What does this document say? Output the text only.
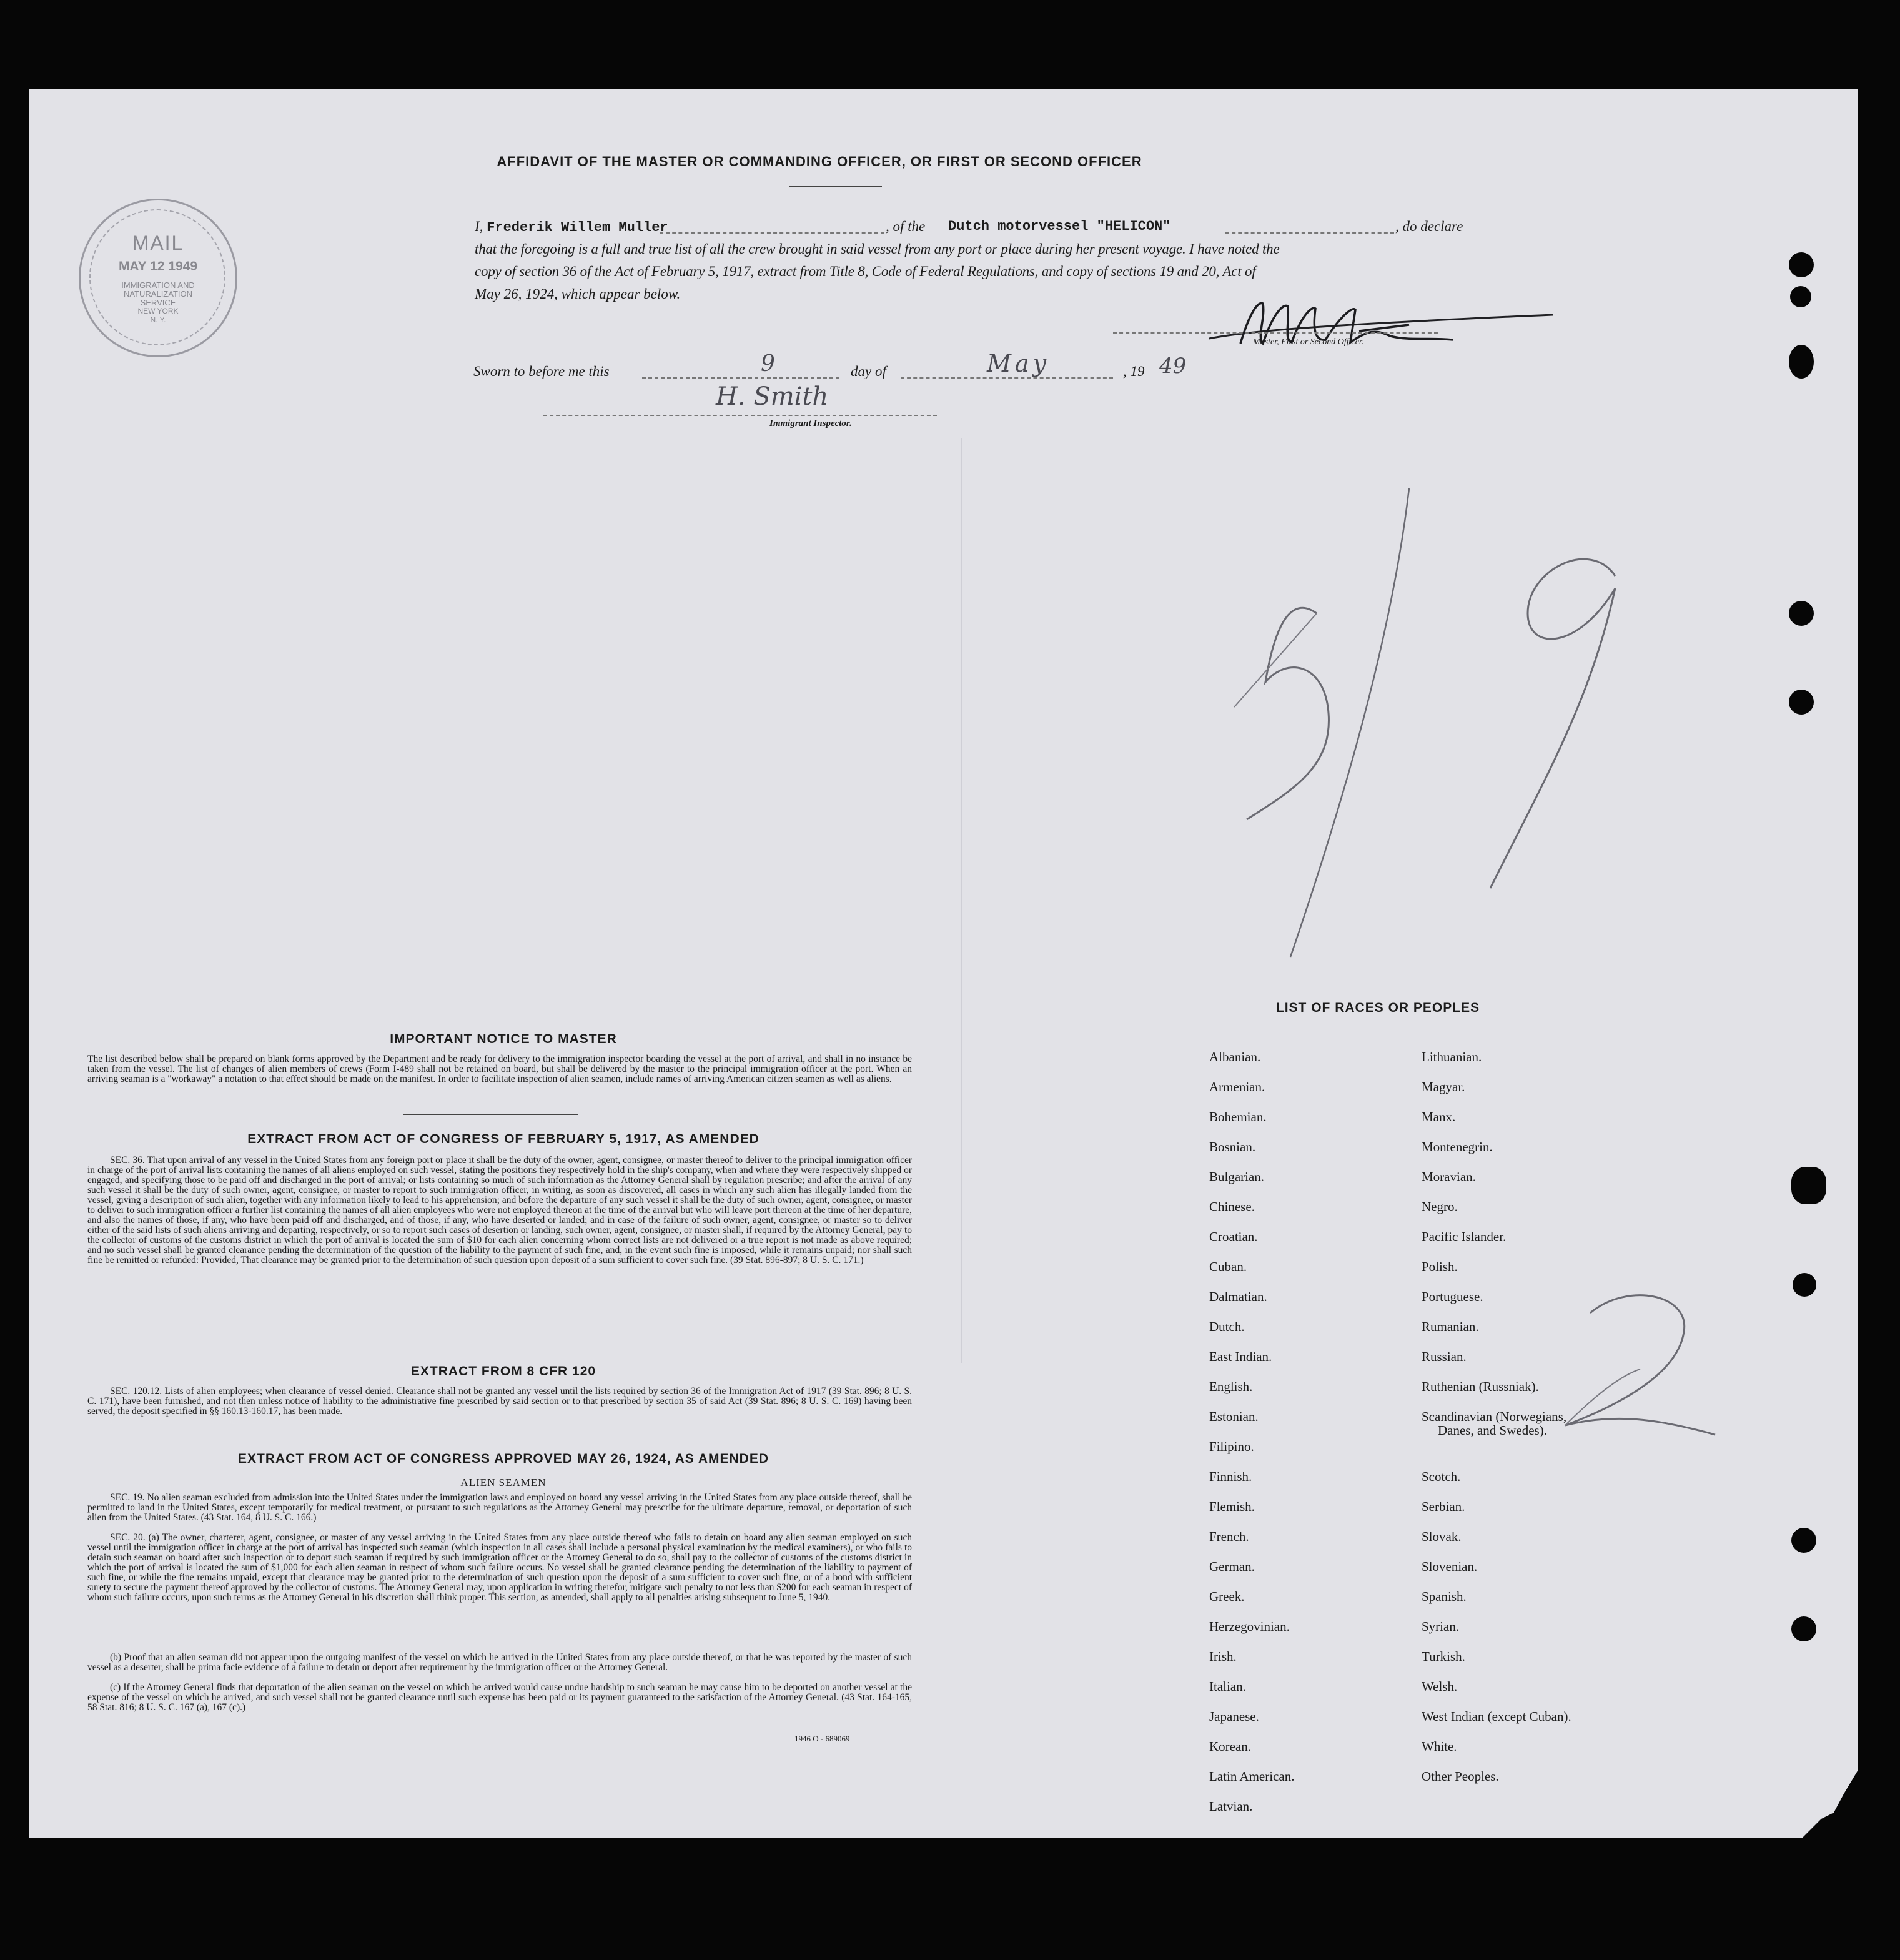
AFFIDAVIT OF THE MASTER OR COMMANDING OFFICER, OR FIRST OR SECOND OFFICER
MAIL
MAY 12 1949
IMMIGRATION AND
NATURALIZATION
SERVICE
NEW YORK
N. Y.
I, Frederik Willem Muller	, of the Dutch motorvessel "HELICON"	, do declare
that the foregoing is a full and true list of all the crew brought in said vessel from any port or place during her present voyage. I have noted the
copy of section 36 of the Act of February 5, 1917, extract from Title 8, Code of Federal Regulations, and copy of sections 19 and 20, Act of
May 26, 1924, which appear below.
Master, First or Second Officer.
Sworn to before me this	9	day of	May	, 19 49
H. Smith
Immigrant Inspector.
IMPORTANT NOTICE TO MASTER
The list described below shall be prepared on blank forms approved by the Department and be ready for delivery to the immigration inspector boarding the vessel at the port of arrival, and shall in no instance be taken from the vessel. The list of changes of alien members of crews (Form I-489 shall not be retained on board, but shall be delivered by the master to the principal immigration officer at the port. When an arriving seaman is a "workaway" a notation to that effect should be made on the manifest. In order to facilitate inspection of alien seamen, include names of arriving American citizen seamen as well as aliens.
EXTRACT FROM ACT OF CONGRESS OF FEBRUARY 5, 1917, AS AMENDED
SEC. 36. That upon arrival of any vessel in the United States from any foreign port or place it shall be the duty of the owner, agent, consignee, or master thereof to deliver to the principal immigration officer in charge of the port of arrival lists containing the names of all aliens employed on such vessel, stating the positions they respectively hold in the ship's company, when and where they were respectively shipped or engaged, and specifying those to be paid off and discharged in the port of arrival; or lists containing so much of such information as the Attorney General shall by regulation prescribe; and after the arrival of any such vessel it shall be the duty of such owner, agent, consignee, or master to report to such immigration officer, in writing, as soon as discovered, all cases in which any such alien has illegally landed from the vessel, giving a description of such alien, together with any information likely to lead to his apprehension; and before the departure of any such vessel it shall be the duty of such owner, agent, consignee, or master to deliver to such immigration officer a further list containing the names of all alien employees who were not employed thereon at the time of the arrival but who will leave port thereon at the time of her departure, and also the names of those, if any, who have been paid off and discharged, and of those, if any, who have deserted or landed; and in case of the failure of such owner, agent, consignee, or master so to deliver either of the said lists of such aliens arriving and departing, respectively, or so to report such cases of desertion or landing, such owner, agent, consignee, or master shall, if required by the Attorney General, pay to the collector of customs of the customs district in which the port of arrival is located the sum of $10 for each alien concerning whom correct lists are not delivered or a true report is not made as above required; and no such vessel shall be granted clearance pending the determination of the question of the liability to the payment of such fine, and, in the event such fine is imposed, while it remains unpaid; nor shall such fine be remitted or refunded: Provided, That clearance may be granted prior to the determination of such question upon deposit of a sum sufficient to cover such fine. (39 Stat. 896-897; 8 U. S. C. 171.)
EXTRACT FROM 8 CFR 120
SEC. 120.12. Lists of alien employees; when clearance of vessel denied. Clearance shall not be granted any vessel until the lists required by section 36 of the Immigration Act of 1917 (39 Stat. 896; 8 U. S. C. 171), have been furnished, and not then unless notice of liability to the administrative fine prescribed by said section or to that prescribed by section 35 of said Act (39 Stat. 896; 8 U. S. C. 169) having been served, the deposit specified in §§ 160.13-160.17, has been made.
EXTRACT FROM ACT OF CONGRESS APPROVED MAY 26, 1924, AS AMENDED
ALIEN SEAMEN
SEC. 19. No alien seaman excluded from admission into the United States under the immigration laws and employed on board any vessel arriving in the United States from any place outside thereof, shall be permitted to land in the United States, except temporarily for medical treatment, or pursuant to such regulations as the Attorney General may prescribe for the ultimate departure, removal, or deportation of such alien from the United States. (43 Stat. 164, 8 U. S. C. 166.)
SEC. 20. (a) The owner, charterer, agent, consignee, or master of any vessel arriving in the United States from any place outside thereof who fails to detain on board any alien seaman employed on such vessel until the immigration officer in charge at the port of arrival has inspected such seaman (which inspection in all cases shall include a personal physical examination by the medical examiners), or who fails to detain such seaman on board after such inspection or to deport such seaman if required by such immigration officer or the Attorney General to do so, shall pay to the collector of customs of the customs district in which the port of arrival is located the sum of $1,000 for each alien seaman in respect of whom such failure occurs. No vessel shall be granted clearance pending the determination of the liability to payment of such fine, or while the fine remains unpaid, except that clearance may be granted prior to the determination of such question upon the deposit of a sum sufficient to cover such fine, or of a bond with sufficient surety to secure the payment thereof approved by the collector of customs. The Attorney General may, upon application in writing therefor, mitigate such penalty to not less than $200 for each seaman in respect of whom such failure occurs, upon such terms as the Attorney General in his discretion shall think proper. This section, as amended, shall apply to all penalties arising subsequent to June 5, 1940.
(b) Proof that an alien seaman did not appear upon the outgoing manifest of the vessel on which he arrived in the United States from any place outside thereof, or that he was reported by the master of such vessel as a deserter, shall be prima facie evidence of a failure to detain or deport after requirement by the immigration officer or the Attorney General.
(c) If the Attorney General finds that deportation of the alien seaman on the vessel on which he arrived would cause undue hardship to such seaman he may cause him to be deported on another vessel at the expense of the vessel on which he arrived, and such vessel shall not be granted clearance until such expense has been paid or its payment guaranteed to the satisfaction of the Attorney General. (43 Stat. 164-165, 58 Stat. 816; 8 U. S. C. 167 (a), 167 (c).)
1946 O - 689069
LIST OF RACES OR PEOPLES
Albanian.
Armenian.
Bohemian.
Bosnian.
Bulgarian.
Chinese.
Croatian.
Cuban.
Dalmatian.
Dutch.
East Indian.
English.
Estonian.
Filipino.
Finnish.
Flemish.
French.
German.
Greek.
Herzegovinian.
Irish.
Italian.
Japanese.
Korean.
Latin American.
Latvian.
Lithuanian.
Magyar.
Manx.
Montenegrin.
Moravian.
Negro.
Pacific Islander.
Polish.
Portuguese.
Rumanian.
Russian.
Ruthenian (Russniak).
Scandinavian (Norwegians,
Danes, and Swedes).
Scotch.
Serbian.
Slovak.
Slovenian.
Spanish.
Syrian.
Turkish.
Welsh.
West Indian (except Cuban).
White.
Other Peoples.
